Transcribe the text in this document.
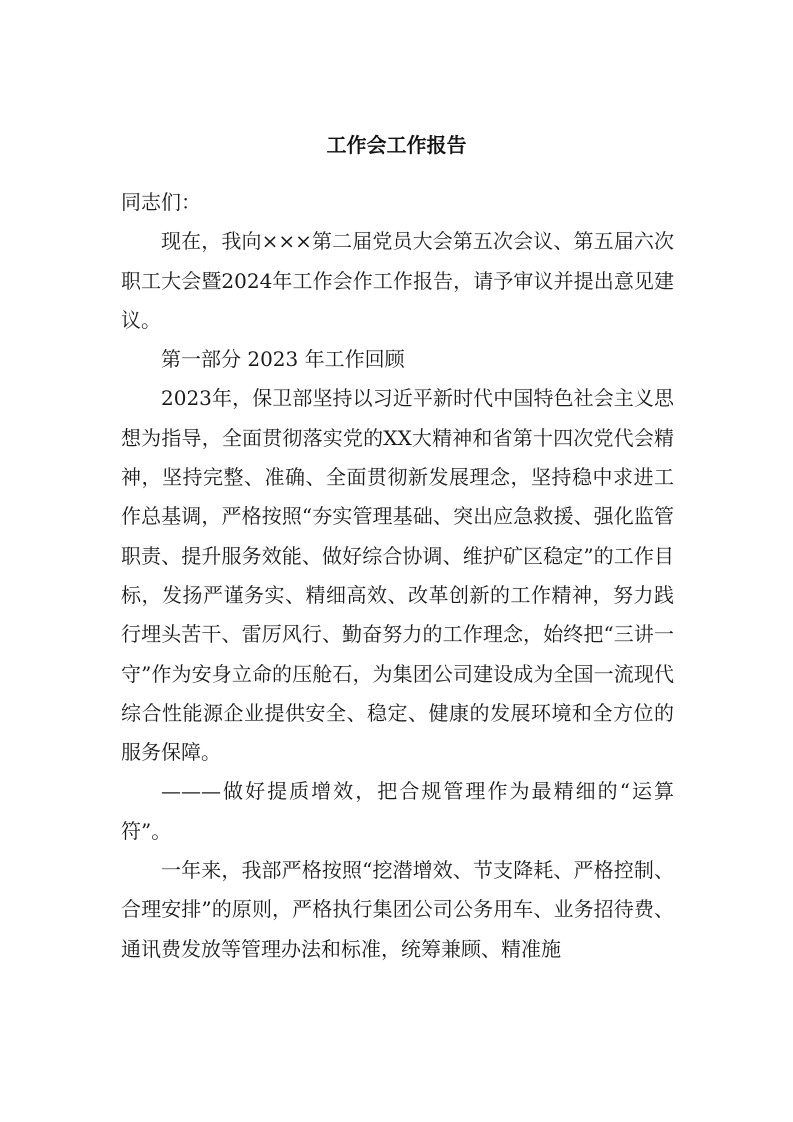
工作会工作报告

同志们：

现在，我向×××第二届党员大会第五次会议、第五届六次职工大会暨2024年工作会作工作报告，请予审议并提出意见建议。

第一部分 2023 年工作回顾

2023年，保卫部坚持以习近平新时代中国特色社会主义思想为指导，全面贯彻落实党的XX大精神和省第十四次党代会精神，坚持完整、准确、全面贯彻新发展理念，坚持稳中求进工作总基调，严格按照“夯实管理基础、突出应急救援、强化监管职责、提升服务效能、做好综合协调、维护矿区稳定”的工作目标，发扬严谨务实、精细高效、改革创新的工作精神，努力践行埋头苦干、雷厉风行、勤奋努力的工作理念，始终把“三讲一守”作为安身立命的压舱石，为集团公司建设成为全国一流现代综合性能源企业提供安全、稳定、健康的发展环境和全方位的服务保障。

———做好提质增效，把合规管理作为最精细的“运算符”。

一年来，我部严格按照“挖潜增效、节支降耗、严格控制、合理安排”的原则，严格执行集团公司公务用车、业务招待费、通讯费发放等管理办法和标准，统筹兼顾、精准施
